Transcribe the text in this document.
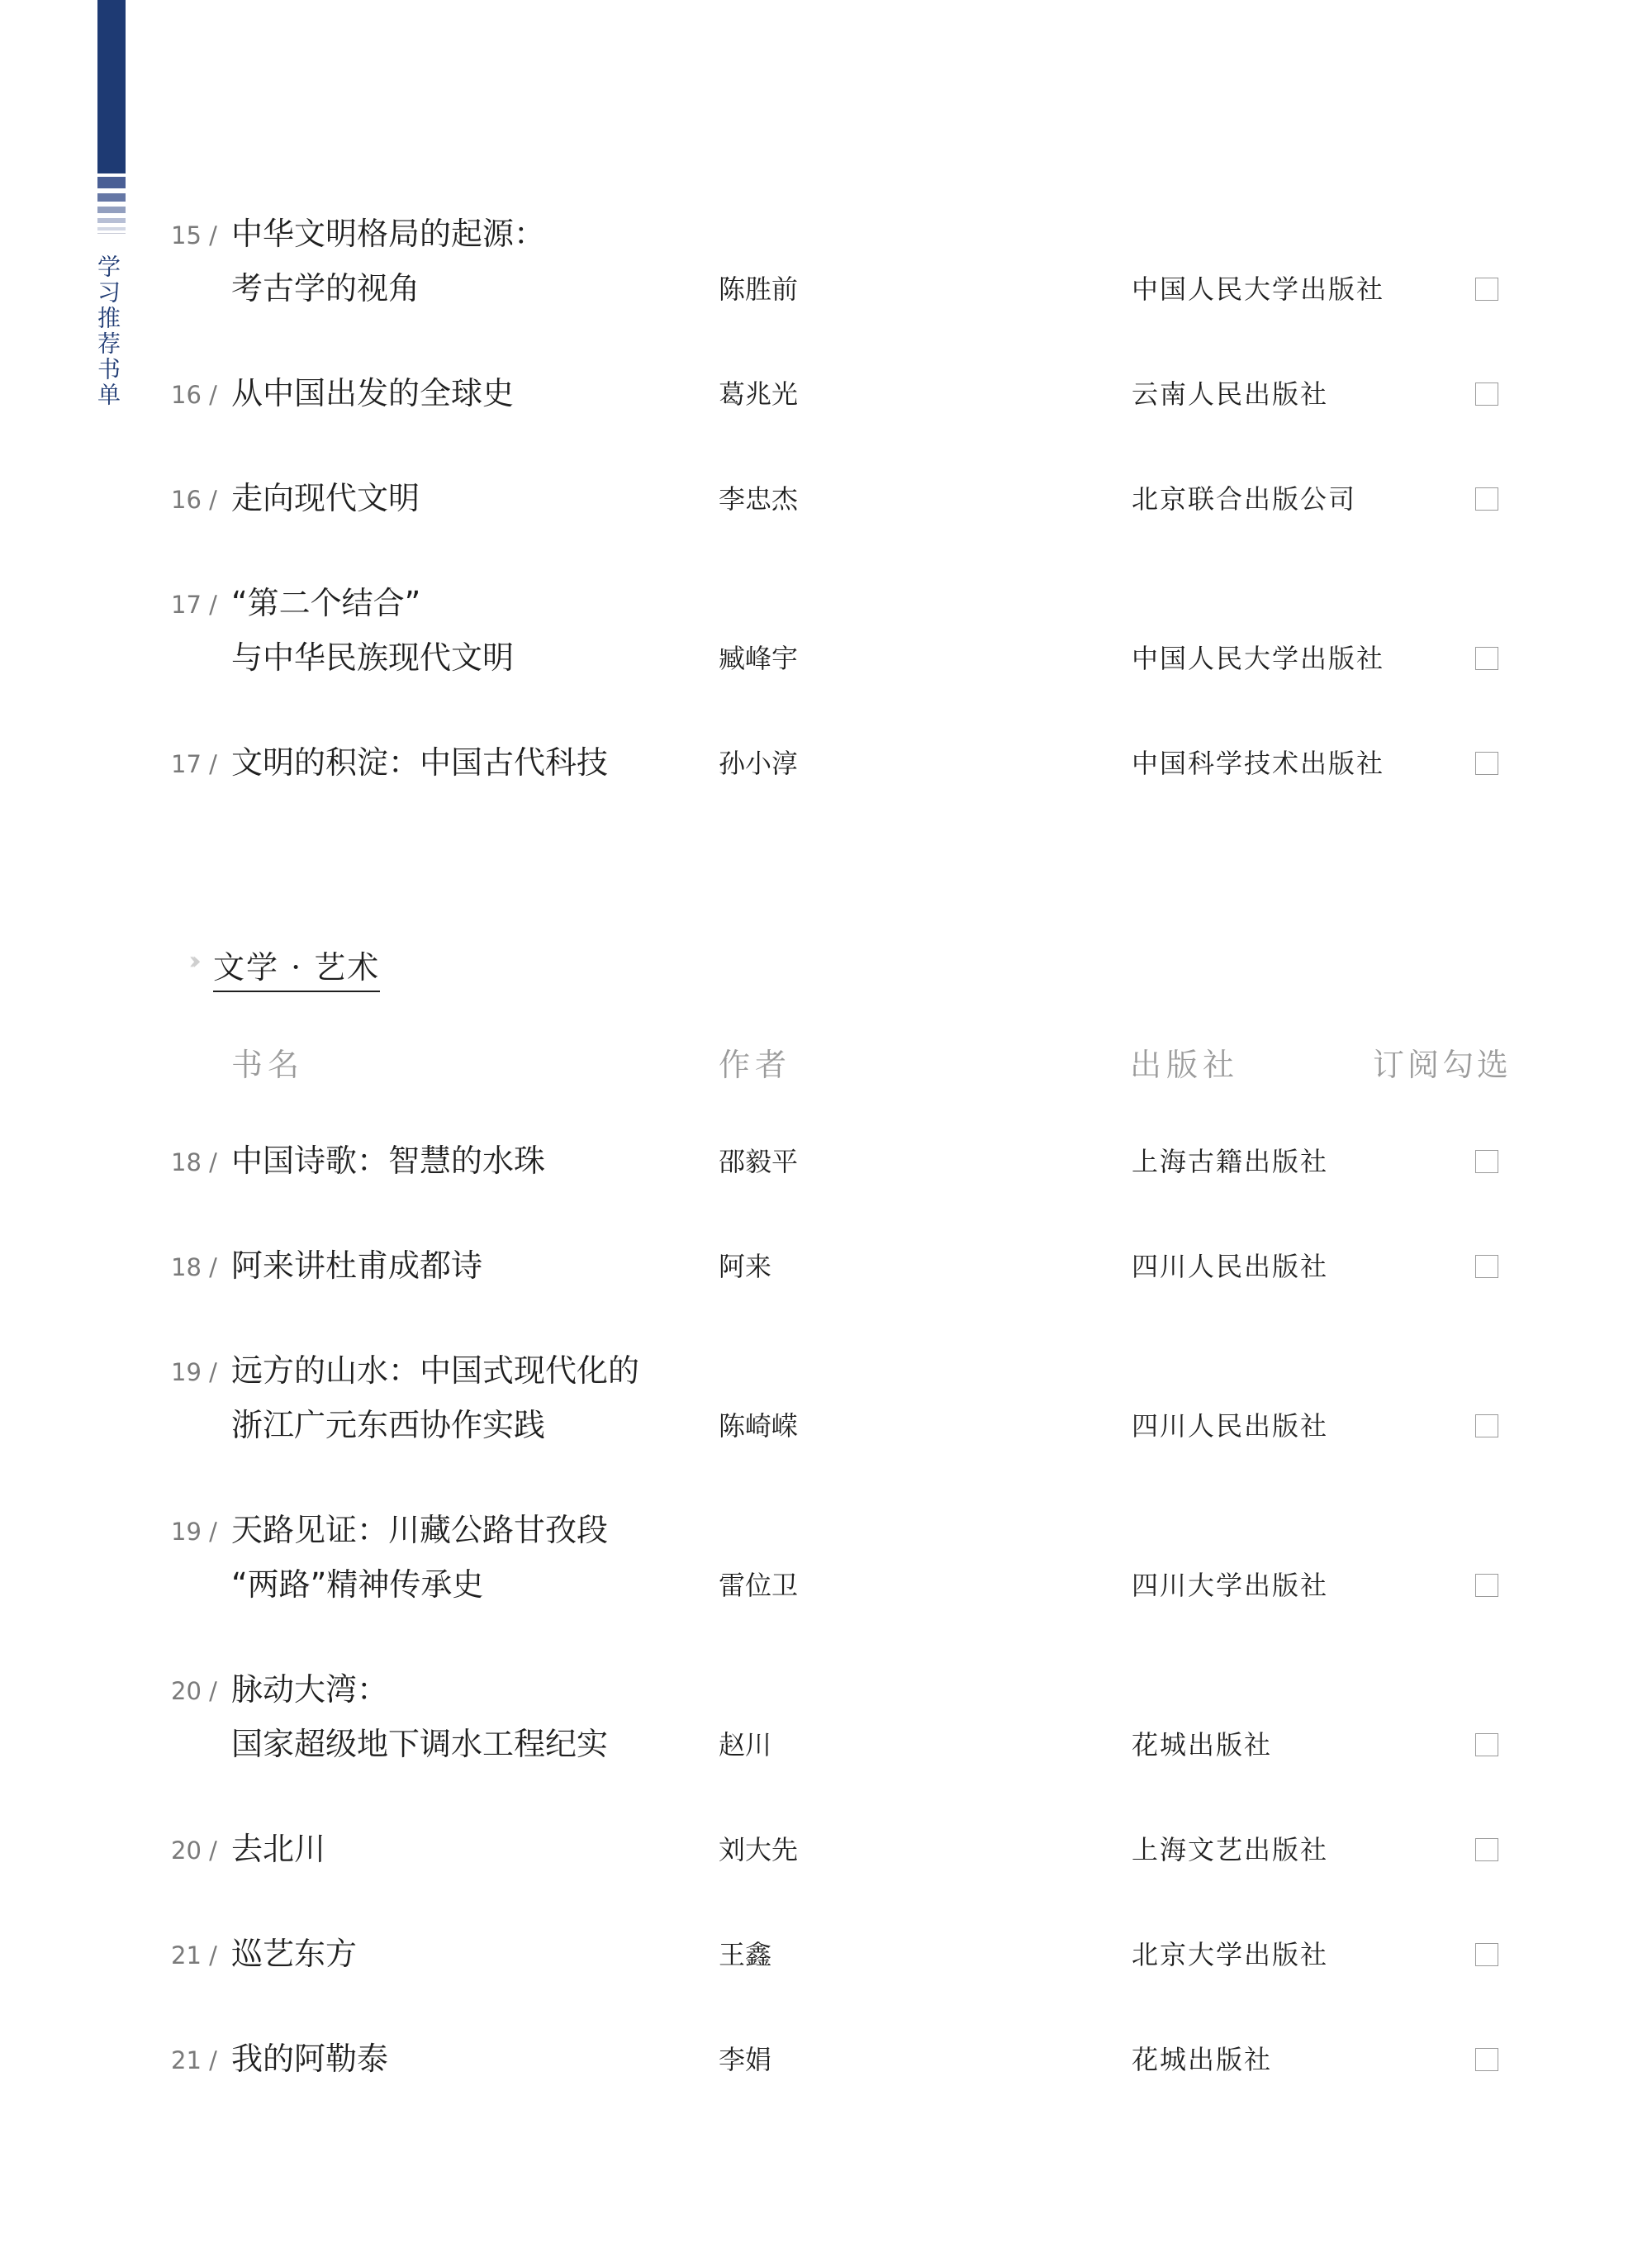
学习推荐书单
15 / 中华文明格局的起源：
考古学的视角	陈胜前	中国人民大学出版社
16 / 从中国出发的全球史	葛兆光	云南人民出版社
16 / 走向现代文明	李忠杰	北京联合出版公司
17 / “第二个结合”
与中华民族现代文明	臧峰宇	中国人民大学出版社
17 / 文明的积淀：中国古代科技	孙小淳	中国科学技术出版社
››› 文学 · 艺术
书名	作者	出版社	订阅勾选
18 / 中国诗歌：智慧的水珠	邵毅平	上海古籍出版社
18 / 阿来讲杜甫成都诗	阿来	四川人民出版社
19 / 远方的山水：中国式现代化的
浙江广元东西协作实践	陈崎嵘	四川人民出版社
19 / 天路见证：川藏公路甘孜段
“两路”精神传承史	雷位卫	四川大学出版社
20 / 脉动大湾：
国家超级地下调水工程纪实	赵川	花城出版社
20 / 去北川	刘大先	上海文艺出版社
21 / 巡艺东方	王鑫	北京大学出版社
21 / 我的阿勒泰	李娟	花城出版社
